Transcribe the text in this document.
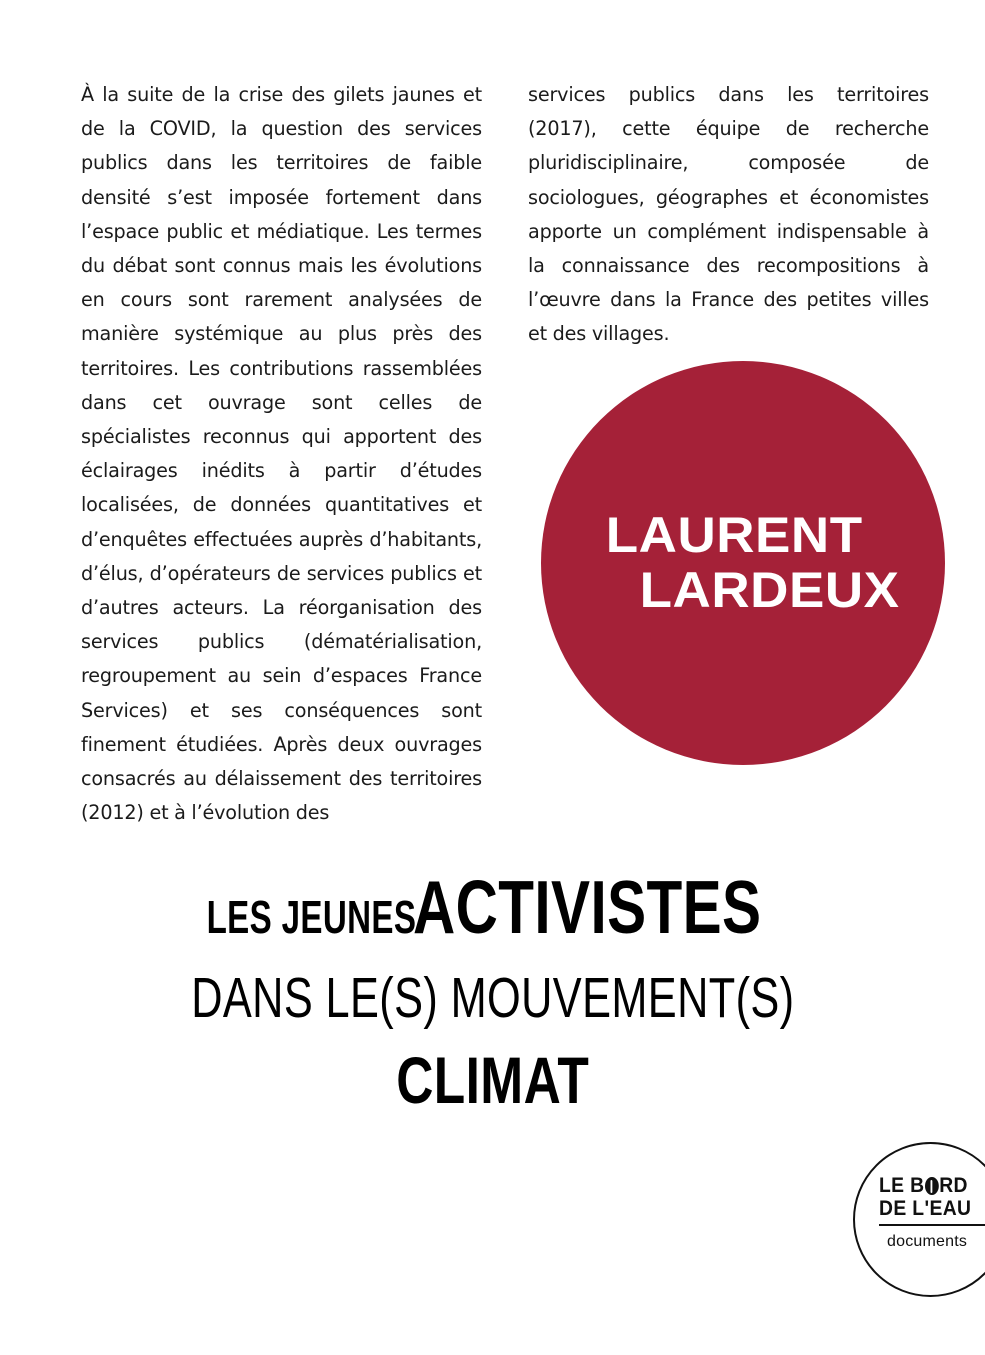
À la suite de la crise des gilets jaunes et de la COVID, la question des services publics dans les territoires de faible densité s’est imposée fortement dans l’espace public et médiatique. Les termes du débat sont connus mais les évolutions en cours sont rarement analysées de manière systémique au plus près des territoires. Les contributions rassemblées dans cet ouvrage sont celles de spécialistes reconnus qui apportent des éclairages inédits à partir d’études localisées, de données quantitatives et d’enquêtes effectuées auprès d’habitants, d’élus, d’opérateurs de services publics et d’autres acteurs. La réorganisation des services publics (dématérialisation, regroupement au sein d’espaces France Services) et ses conséquences sont finement étudiées. Après deux ouvrages consacrés au délaissement des territoires (2012) et à l’évolution des

services publics dans les territoires (2017), cette équipe de recherche pluridisciplinaire, composée de sociologues, géographes et économistes apporte un complément indispensable à la connaissance des recompositions à l’œuvre dans la France des petites villes et des villages.

LAURENT
LARDEUX
LES JEUNESACTIVISTES
DANS LE(S) MOUVEMENT(S)
CLIMAT
LE B RD
DE L'EAU
documents
